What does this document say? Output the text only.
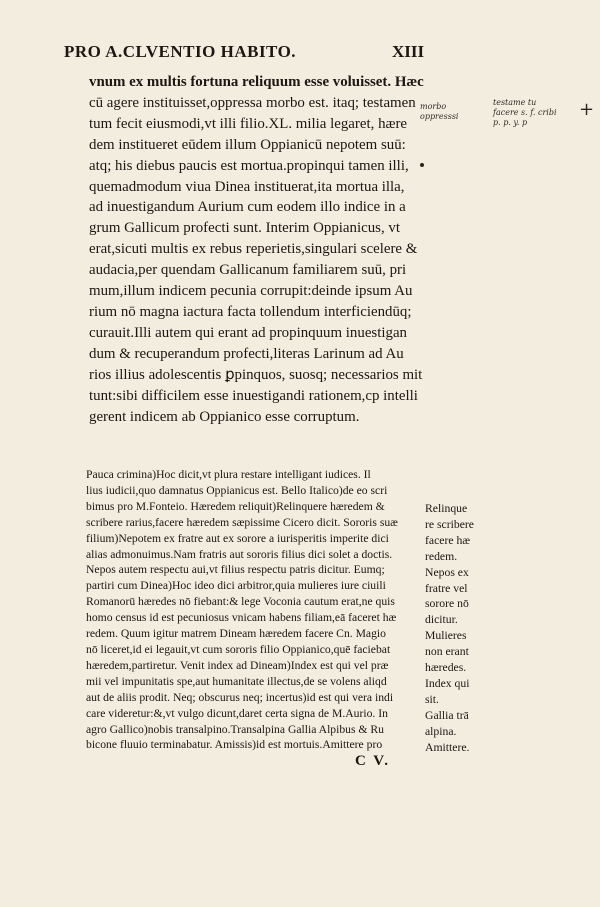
PRO A.CLVENTIO HABITO.	XIII
vnum ex multis fortuna reliquum esse voluisset. Hæc
cū agere instituisset,oppressa morbo est. itaq; testamen
tum fecit eiusmodi,vt illi filio.XL. milia legaret, hære
dem institueret eūdem illum Oppianicū nepotem suū:
atq; his diebus paucis est mortua.propinqui tamen illi,
quemadmodum viua Dinea instituerat,ita mortua illa,
ad inuestigandum Aurium cum eodem illo indice in a
grum Gallicum profecti sunt. Interim Oppianicus, vt
erat,sicuti multis ex rebus reperietis,singulari scelere &
audacia,per quendam Gallicanum familiarem suū, pri
mum,illum indicem pecunia corrupit:deinde ipsum Au
rium nō magna iactura facta tollendum interficiendūq;
curauit.Illi autem qui erant ad propinquum inuestigan
dum & recuperandum profecti,literas Larinum ad Au
rios illius adolescentis ꝑpinquos, suosq; necessarios mit
tunt:sibi difficilem esse inuestigandi rationem,cp intelli
gerent indicem ab Oppianico esse corruptum.
Pauca crimina)Hoc dicit,vt plura restare intelligant iudices. Il
lius iudicii,quo damnatus Oppianicus est. Bello Italico)de eo scri
bimus pro M.Fonteio. Hæredem reliquit)Relinquere hæredem &
scribere rarius,facere hæredem sæpissime Cicero dicit. Sororis suæ
filium)Nepotem ex fratre aut ex sorore a iurisperitis imperite dici
alias admonuimus.Nam fratris aut sororis filius dici solet a doctis.
Nepos autem respectu aui,vt filius respectu patris dicitur. Eumq;
partiri cum Dinea)Hoc ideo dici arbitror,quia mulieres iure ciuili
Romanorū hæredes nō fiebant:& lege Voconia cautum erat,ne quis
homo census id est pecuniosus vnicam habens filiam,eā faceret hæ
redem. Quum igitur matrem Dineam hæredem facere Cn. Magio
nō liceret,id ei legauit,vt cum sororis filio Oppianico,quē faciebat
hæredem,partiretur. Venit index ad Dineam)Index est qui vel præ
mii vel impunitatis spe,aut humanitate illectus,de se volens aliqd
aut de aliis prodit. Neq; obscurus neq; incertus)id est qui vera indi
care videretur:&,vt vulgo dicunt,daret certa signa de M.Aurio. In
agro Gallico)nobis transalpino.Transalpina Gallia Alpibus & Ru
bicone fluuio terminabatur. Amissis)id est mortuis.Amittere pro
Relinque
re scribere
facere hæ
redem.
Nepos ex
fratre vel
sorore nō
dicitur.
Mulieres
non erant
hæredes.
Index qui
sit.
Gallia trā
alpina.
Amittere.
C V.
morbo
oppresssi
testame tu
facere s. f. cribi
p. p. y. p
+
